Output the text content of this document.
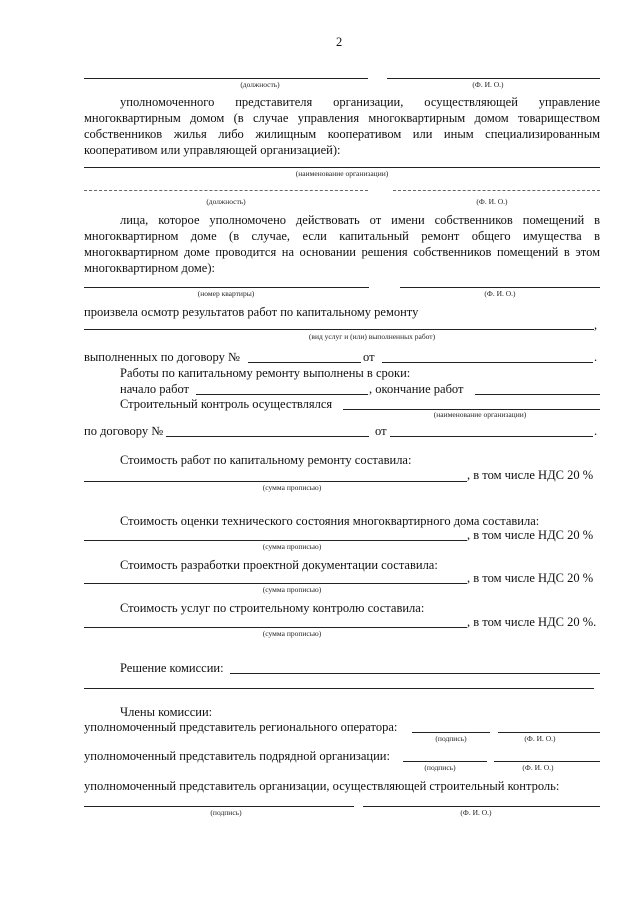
2
(должность)	(Ф. И. О.)
уполномоченного представителя организации, осуществляющей управление многоквартирным домом (в случае управления многоквартирным домом товариществом собственников жилья либо жилищным кооперативом или иным специализированным кооперативом или управляющей организацией):
(наименование организации)
(должность)	(Ф. И. О.)
лица, которое уполномочено действовать от имени собственников помещений в многоквартирном доме (в случае, если капитальный ремонт общего имущества в многоквартирном доме проводится на основании решения собственников помещений в этом многоквартирном доме):
(номер квартиры)	(Ф. И. О.)
произвела осмотр результатов работ по капитальному ремонту
,
(вид услуг и (или) выполненных работ)
выполненных по договору №	от	.
Работы по капитальному ремонту выполнены в сроки:
начало работ	, окончание работ
Строительный контроль осуществлялся
(наименование организации)
по договору №	от	.
Стоимость работ по капитальному ремонту составила:
, в том числе НДС 20 %
(сумма прописью)
Стоимость оценки технического состояния многоквартирного дома составила:
, в том числе НДС 20 %
(сумма прописью)
Стоимость разработки проектной документации составила:
, в том числе НДС 20 %
(сумма прописью)
Стоимость услуг по строительному контролю составила:
, в том числе НДС 20 %.
(сумма прописью)
Решение комиссии:
Члены комиссии:
уполномоченный представитель регионального оператора:
(подпись)	(Ф. И. О.)
уполномоченный представитель подрядной организации:
(подпись)	(Ф. И. О.)
уполномоченный представитель организации, осуществляющей строительный контроль:
(подпись)	(Ф. И. О.)
